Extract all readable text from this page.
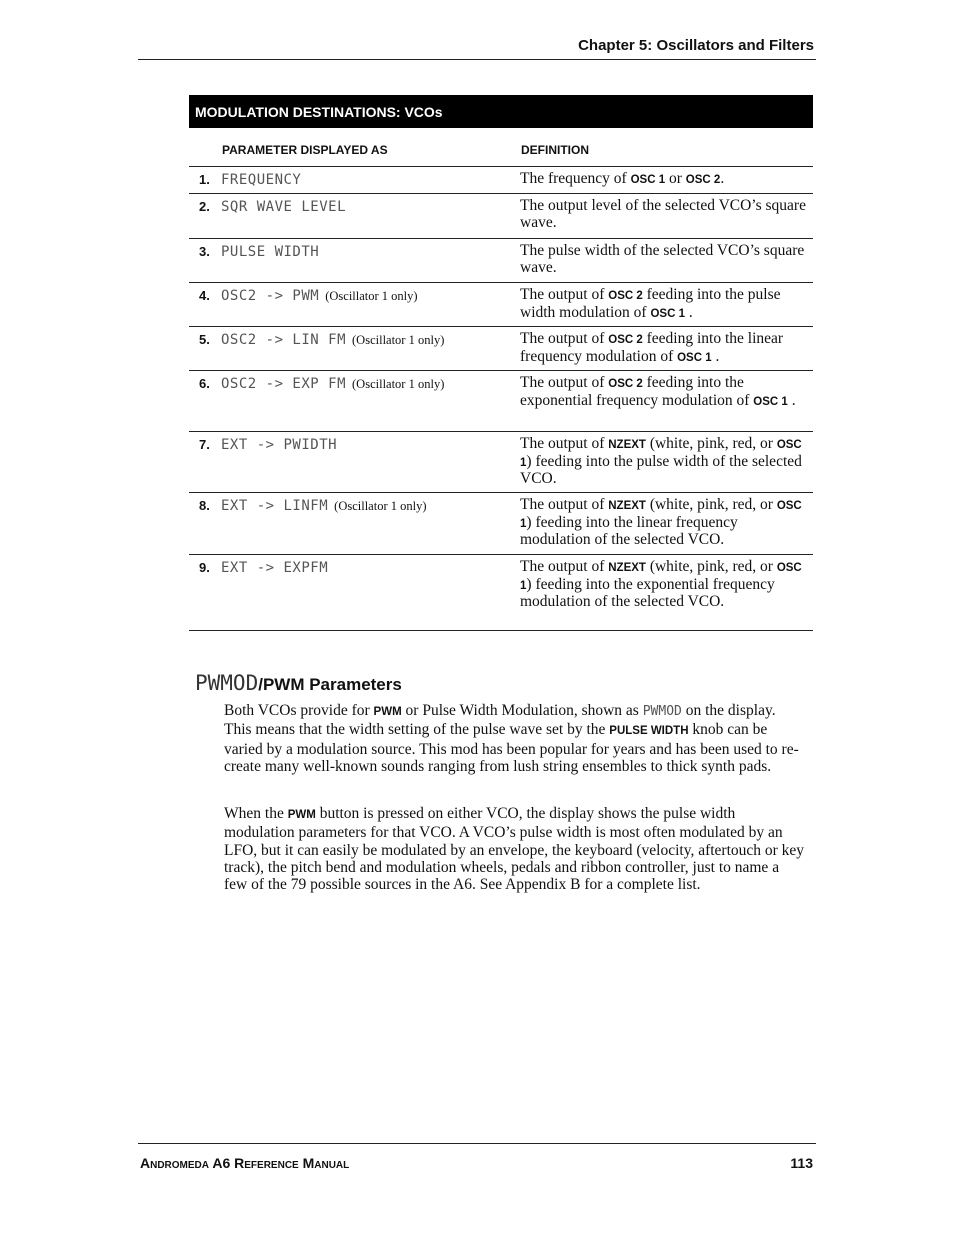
Chapter 5: Oscillators and Filters
MODULATION DESTINATIONS: VCOs
PARAMETER DISPLAYED AS	DEFINITION
1. FREQUENCY	The frequency of OSC 1 or OSC 2.
2. SQR WAVE LEVEL	The output level of the selected VCO’s square wave.
3. PULSE WIDTH	The pulse width of the selected VCO’s square wave.
4. OSC2 -> PWM (Oscillator 1 only)	The output of OSC 2 feeding into the pulse width modulation of OSC 1 .
5. OSC2 -> LIN FM (Oscillator 1 only)	The output of OSC 2 feeding into the linear frequency modulation of OSC 1 .
6. OSC2 -> EXP FM (Oscillator 1 only)	The output of OSC 2 feeding into the exponential frequency modulation of OSC 1 .
7. EXT -> PWIDTH	The output of NZEXT (white, pink, red, or OSC 1) feeding into the pulse width of the selected VCO.
8. EXT -> LINFM (Oscillator 1 only)	The output of NZEXT (white, pink, red, or OSC 1) feeding into the linear frequency modulation of the selected VCO.
9. EXT -> EXPFM	The output of NZEXT (white, pink, red, or OSC 1) feeding into the exponential frequency modulation of the selected VCO.
PWMOD/PWM Parameters

Both VCOs provide for PWM or Pulse Width Modulation, shown as PWMOD on the display. This means that the width setting of the pulse wave set by the PULSE WIDTH knob can be varied by a modulation source. This mod has been popular for years and has been used to re-create many well-known sounds ranging from lush string ensembles to thick synth pads.

When the PWM button is pressed on either VCO, the display shows the pulse width modulation parameters for that VCO. A VCO’s pulse width is most often modulated by an LFO, but it can easily be modulated by an envelope, the keyboard (velocity, aftertouch or key track), the pitch bend and modulation wheels, pedals and ribbon controller, just to name a few of the 79 possible sources in the A6. See Appendix B for a complete list.

Andromeda A6 Reference Manual	113
